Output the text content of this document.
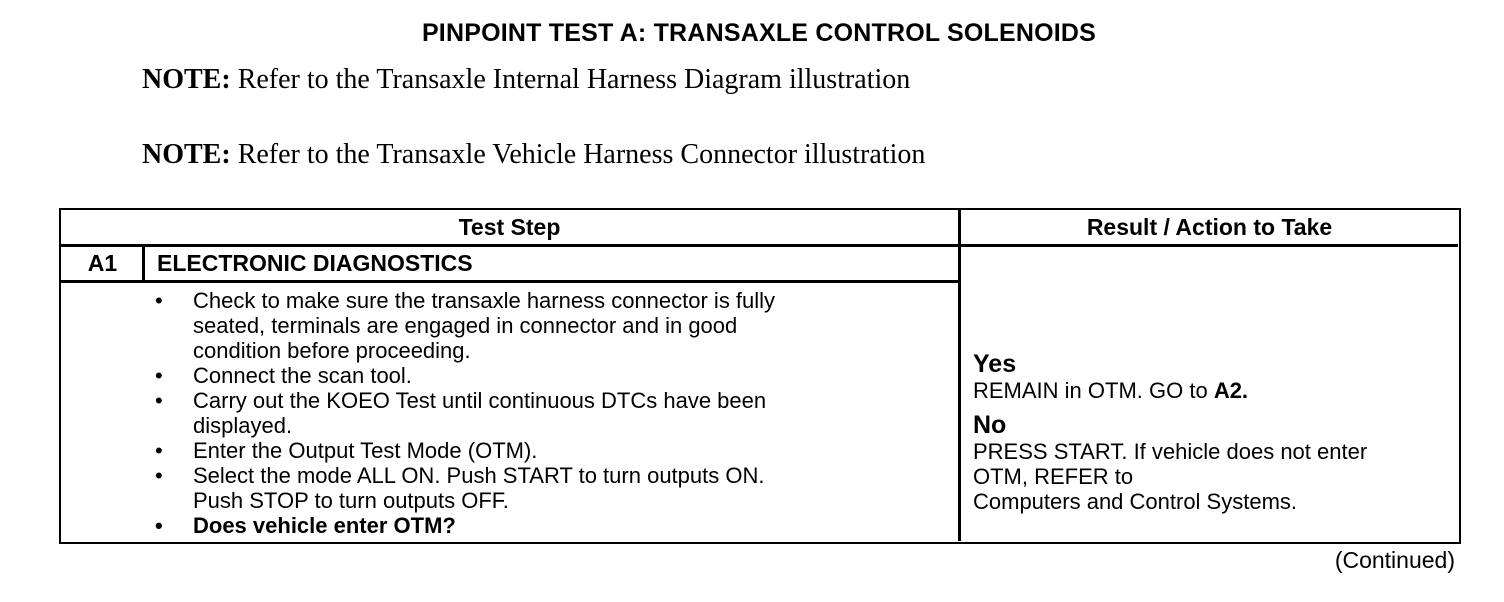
PINPOINT TEST A: TRANSAXLE CONTROL SOLENOIDS
NOTE: Refer to the Transaxle Internal Harness Diagram illustration
NOTE: Refer to the Transaxle Vehicle Harness Connector illustration
Test Step	Result / Action to Take
A1	ELECTRONIC DIAGNOSTICS
• Check to make sure the transaxle harness connector is fully
seated, terminals are engaged in connector and in good
condition before proceeding.
• Connect the scan tool.
• Carry out the KOEO Test until continuous DTCs have been
displayed.
• Enter the Output Test Mode (OTM).
• Select the mode ALL ON. Push START to turn outputs ON.
Push STOP to turn outputs OFF.
• Does vehicle enter OTM?
Yes
REMAIN in OTM. GO to A2.
No
PRESS START. If vehicle does not enter
OTM, REFER to
Computers and Control Systems.
(Continued)
